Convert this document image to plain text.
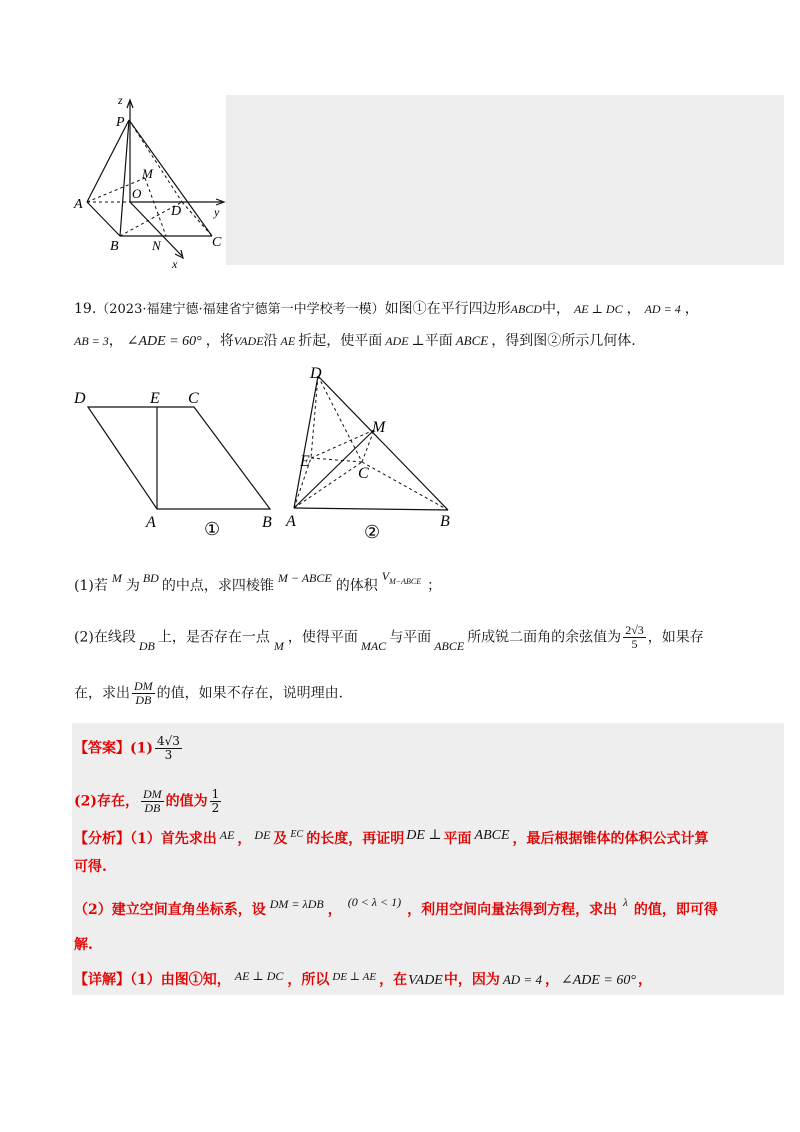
z
P
M
O
A	D	y
B	N	C
x
19.（2023·福建宁德·福建省宁德第一中学校考一模）如图①在平行四边形ABCD中， AE ⊥ DC ， AD = 4 ，
AB = 3， ∠ADE = 60° ，将VADE沿 AE 折起，使平面 ADE ⊥平面 ABCE ，得到图②所示几何体.
D	E C
A	B
①
D
M
E
C
A	B
②
(1)若 M 为 BD 的中点，求四棱锥 M − ABCE 的体积$V^{M-ABCE}$ ；
(2)在线段 DB 上，是否存在一点 M ，使得平面 MAC 与平面 ABCE 所成锐二面角的余弦值为 $\frac{2√3}{5}$ ，如果存
在，求出 $\frac{DM}{DB}$ 的值，如果不存在，说明理由.
【答案】$(1) \frac{4√3}{3}$
(2)存在， $\frac{DM}{DB}$ 的值为 $\frac{1}{2}$
【分析】（1）首先求出 AE ， DE 及 $^{EC}$ 的长度，再证明 DE ⊥ 平面 ABCE ，最后根据锥体的体积公式计算
可得.
（2）建立空间直角坐标系，设 DM = λDB ， (0 < λ < 1) ，利用空间向量法得到方程，求出 $^\lambda$ 的值，即可得
解.
【详解】（1）由图①知， AE ⊥ DC ，所以 $^{DE \perp AE}$ ，在VADE中，因为 AD = 4 ， ∠ADE = 60° ，
